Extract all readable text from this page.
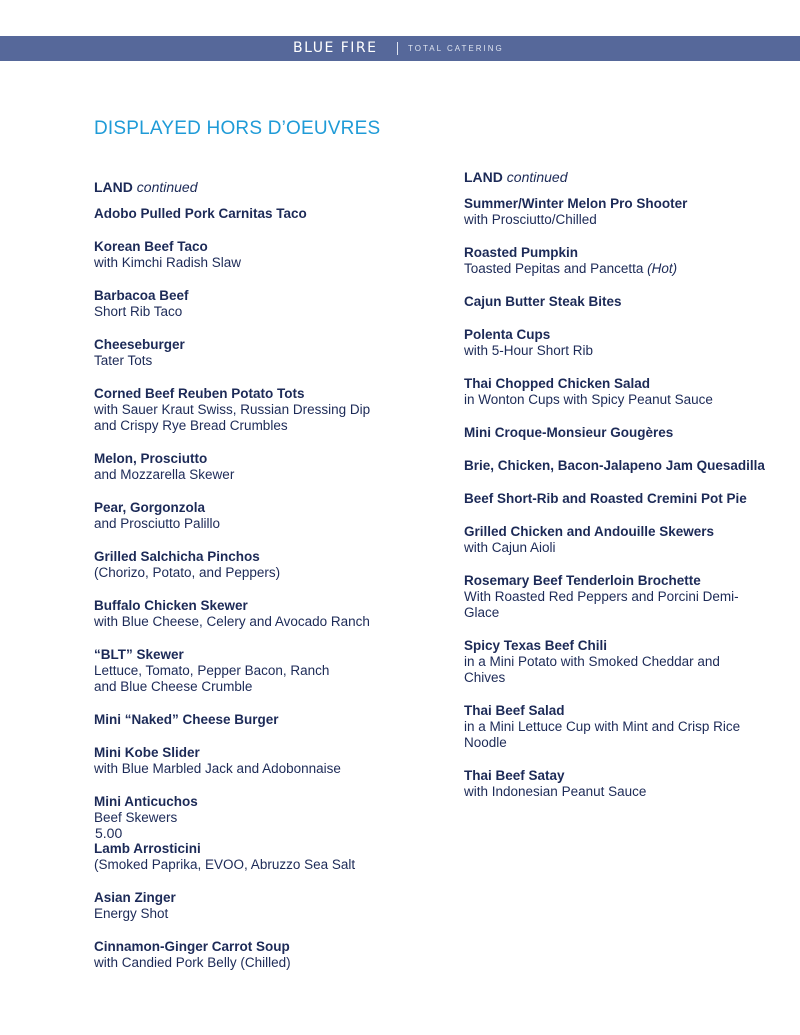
BLUE FIRE	TOTAL CATERING
DISPLAYED HORS D’OEUVRES
LAND continued
Adobo Pulled Pork Carnitas Taco
Korean Beef Taco
with Kimchi Radish Slaw
Barbacoa Beef
Short Rib Taco
Cheeseburger
Tater Tots
Corned Beef Reuben Potato Tots
with Sauer Kraut Swiss, Russian Dressing Dip
and Crispy Rye Bread Crumbles
Melon, Prosciutto
and Mozzarella Skewer
Pear, Gorgonzola
and Prosciutto Palillo
Grilled Salchicha Pinchos
(Chorizo, Potato, and Peppers)
Buffalo Chicken Skewer
with Blue Cheese, Celery and Avocado Ranch
“BLT” Skewer
Lettuce, Tomato, Pepper Bacon, Ranch
and Blue Cheese Crumble
Mini “Naked” Cheese Burger
Mini Kobe Slider
with Blue Marbled Jack and Adobonnaise
Mini Anticuchos
Beef Skewers
5.00
Lamb Arrosticini
(Smoked Paprika, EVOO, Abruzzo Sea Salt
Asian Zinger
Energy Shot
Cinnamon-Ginger Carrot Soup
with Candied Pork Belly (Chilled)
LAND continued
Summer/Winter Melon Pro Shooter
with Prosciutto/Chilled
Roasted Pumpkin
Toasted Pepitas and Pancetta (Hot)
Cajun Butter Steak Bites
Polenta Cups
with 5-Hour Short Rib
Thai Chopped Chicken Salad
in Wonton Cups with Spicy Peanut Sauce
Mini Croque-Monsieur Gougères
Brie, Chicken, Bacon-Jalapeno Jam Quesadilla
Beef Short-Rib and Roasted Cremini Pot Pie
Grilled Chicken and Andouille Skewers
with Cajun Aioli
Rosemary Beef Tenderloin Brochette
With Roasted Red Peppers and Porcini Demi-
Glace
Spicy Texas Beef Chili
in a Mini Potato with Smoked Cheddar and
Chives
Thai Beef Salad
in a Mini Lettuce Cup with Mint and Crisp Rice
Noodle
Thai Beef Satay
with Indonesian Peanut Sauce
